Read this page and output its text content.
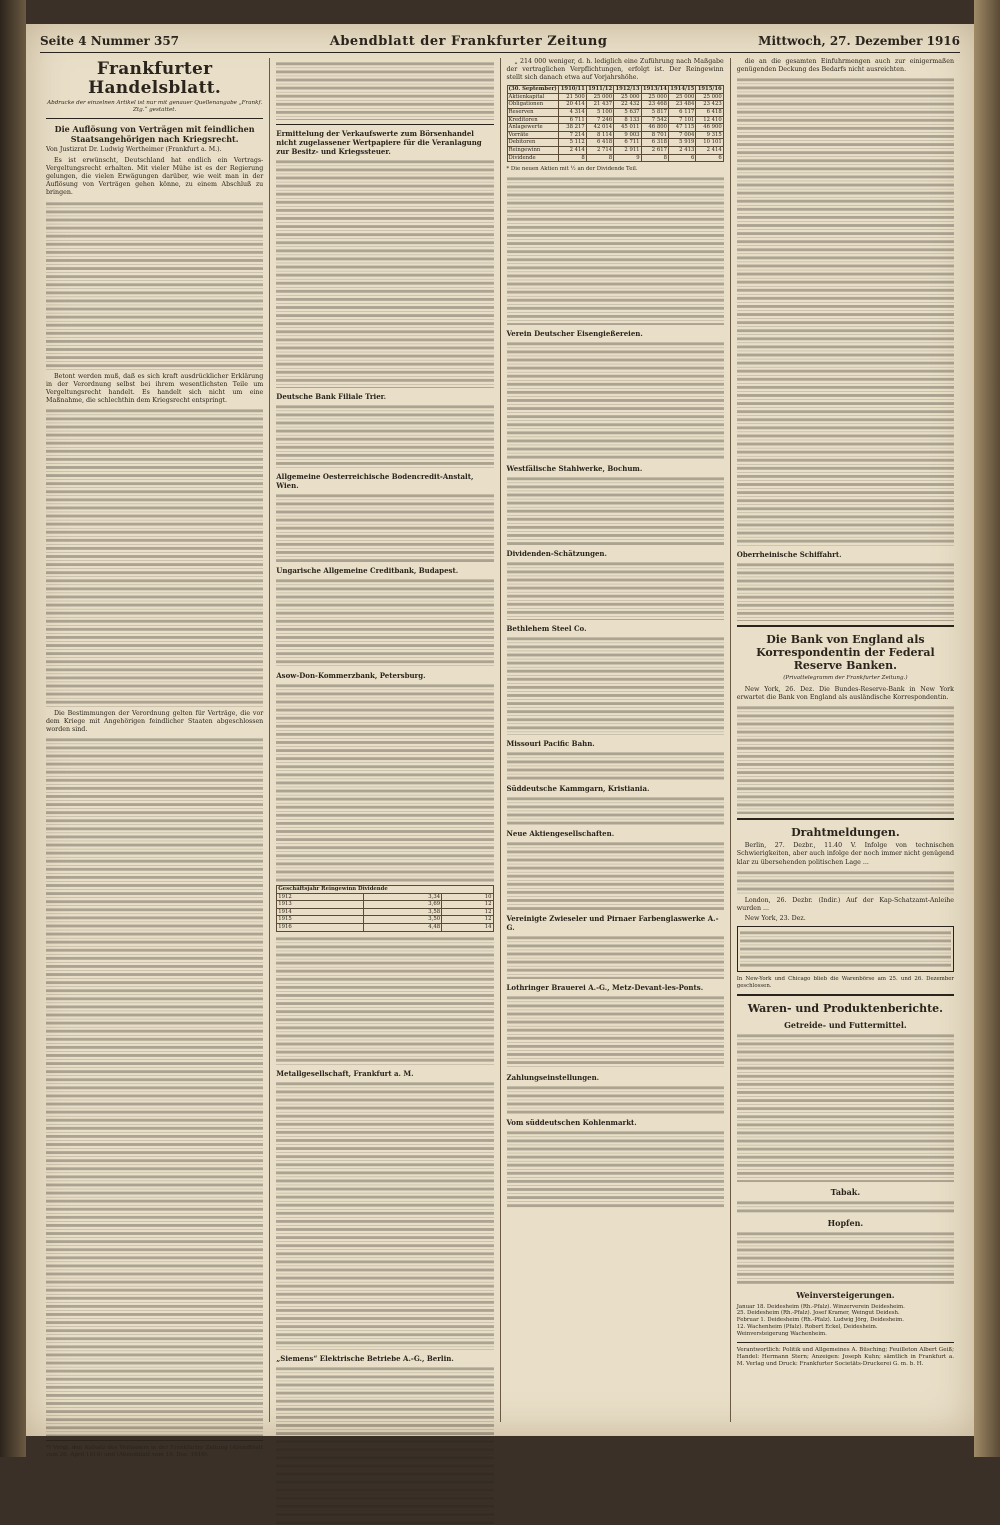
Seite 4 Nummer 357	Abendblatt der Frankfurter Zeitung	Mittwoch, 27. Dezember 1916
Frankfurter Handelsblatt.
Abdrucke der einzelnen Artikel ist nur mit genauer Quellenangabe „Frankf. Ztg.“ gestattet.
Die Auflösung von Verträgen mit feindlichen Staatsangehörigen nach Kriegsrecht.
Von Justizrat Dr. Ludwig Wertheimer (Frankfurt a. M.).

Es ist erwünscht, Deutschland hat endlich ein Vertrags-Vergeltungsrecht erhalten. Mit vieler Mühe ist es der Regierung gelungen, die vielen Erwägungen darüber, wie weit man in der Auflösung von Verträgen gehen könne, zu einem Abschluß zu bringen.

Betont werden muß, daß es sich kraft ausdrücklicher Erklärung in der Verordnung selbst bei ihrem wesentlichsten Teile um Vergeltungsrecht handelt. Es handelt sich nicht um eine Maßnahme, die schlechthin dem Kriegsrecht entspringt.

Die Bestimmungen der Verordnung gelten für Verträge, die vor dem Kriege mit Angehörigen feindlicher Staaten abgeschlossen worden sind.

*) Vergl. den Aufsatz des Verfassers in der Frankfurter Zeitung (Abendblatt vom 26. April 1916) und (Abendblatt vom 19. Dez. 1916).
Ermittelung der Verkaufswerte zum Börsenhandel nicht zugelassener Wertpapiere für die Veranlagung zur Besitz- und Kriegssteuer.
Deutsche Bank Filiale Trier.
Allgemeine Oesterreichische Bodencredit-Anstalt, Wien.
Ungarische Allgemeine Creditbank, Budapest.
Asow-Don-Kommerzbank, Petersburg.
Geschäftsjahr Reingewinn Dividende		
1912	3,34	10
1913	3,69	12
1914	3,58	12
1915	3,50	12
1916	4,48	14
Metallgesellschaft, Frankfurt a. M.
„Siemens“ Elektrische Betriebe A.-G., Berlin.

„ 214 000 weniger, d. h. lediglich eine Zuführung nach Maßgabe der vertraglichen Verpflichtungen, erfolgt ist. Der Reingewinn stellt sich danach etwa auf Vorjahrshöhe.

(30. September)	1910/11	1911/12	1912/13	1913/14	1914/15	1915/16
Aktienkapital	21 500	25 000	25 000	25 000	25 000	25 000
Obligationen	20 414	21 437	22 432	23 468	23 484	23 423
Reserven	4 314	5 100	5 637	5 817	6 117	6 418
Kreditoren	6 711	7 246	8 133	7 542	7 101	12 410
Anlagewerte	38 217	42 014	45 011	46 800	47 115	46 900
Vorräte	7 214	8 114	9 003	8 701	7 004	9 315
Debitoren	5 112	6 418	6 711	6 318	5 919	10 101
Reingewinn	2 414	2 714	2 911	2 617	2 413	2 414
Dividende	8	8	9	8	6	6
* Die neuen Aktien mit ½ an der Dividende Teil.
Verein Deutscher Eisengießereien.
Westfälische Stahlwerke, Bochum.
Dividenden-Schätzungen.
Bethlehem Steel Co.
Missouri Pacific Bahn.
Süddeutsche Kammgarn, Kristiania.
Neue Aktiengesellschaften.
Vereinigte Zwieseler und Pirnaer Farbenglaswerke A.-G.
Lothringer Brauerei A.-G., Metz-Devant-les-Ponts.
Zahlungseinstellungen.
Vom süddeutschen Kohlenmarkt.

die an die gesamten Einfuhrmengen auch zur einigermaßen genügenden Deckung des Bedarfs nicht ausreichten.

Oberrheinische Schiffahrt.
Die Bank von England als Korrespondentin der Federal Reserve Banken.
(Privattelegramm der Frankfurter Zeitung.)

New York, 26. Dez. Die Bundes-Reserve-Bank in New York erwartet die Bank von England als ausländische Korrespondentin.

Drahtmeldungen.

Berlin, 27. Dezbr., 11.40 V. Infolge von technischen Schwierigkeiten, aber auch infolge der noch immer nicht genügend klar zu übersehenden politischen Lage ...

London, 26. Dezbr. (Indir.) Auf der Kap-Schatzamt-Anleihe wurden ...

New York, 23. Dez.

In New-York und Chicago blieb die Warenbörse am 25. und 26. Dezember geschlossen.
Waren- und Produktenberichte.
Getreide- und Futtermittel.
Tabak.
Hopfen.
Weinversteigerungen.
Januar 18. Deidesheim (Rh.-Pfalz). Winzerverein Deidesheim.
25. Deidesheim (Rh.-Pfalz). Josef Kramer, Weingut Deidesh.
Februar 1. Deidesheim (Rh.-Pfalz). Ludwig Jörg, Deidesheim.
12. Wachenheim (Pfalz). Robert Eckel, Deidesheim.
Weinversteigerung Wachenheim.
Verantwortlich: Politik und Allgemeines A. Büsching; Feuilleton Albert Geiß; Handel: Hermann Stern; Anzeigen: Joseph Kuhn; sämtlich in Frankfurt a. M. Verlag und Druck: Frankfurter Societäts-Druckerei G. m. b. H.
